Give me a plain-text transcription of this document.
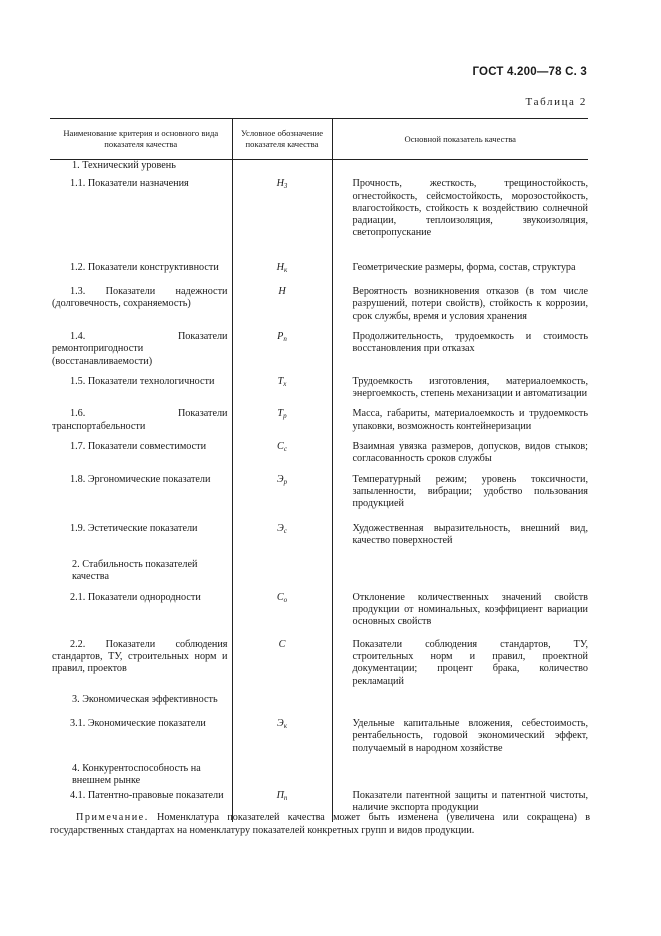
ГОСТ 4.200—78 С. 3
Таблица 2
Наименование критерия и основного вида показателя качества	Условное обозначение показателя качества	Основной показатель качества

1. Технический уровень		

1.1. Показатели назначения	$Н_3$	Прочность, жесткость, трещиностойкость, огнестойкость, сейсмостойкость, морозостойкость, влагостойкость, стойкость к воздействию солнечной радиации, теплоизоляция, звукоизоляция, светопропускание

1.2. Показатели конструктивности	$Н_к$	Геометрические размеры, форма, состав, структура

1.3. Показатели надежности (долговечность, сохраняемость)	Н	Вероятность возникновения отказов (в том числе разрушений, потери свойств), стойкость к коррозии, срок службы, время и условия хранения

1.4. Показатели ремонтопригодности (восстанавливаемости)	$Р_п$	Продолжительность, трудоемкость и стоимость восстановления при отказах

1.5. Показатели технологичности	$Т_х$	Трудоемкость изготовления, материалоемкость, энергоемкость, степень механизации и автоматизации

1.6. Показатели транспортабельности	$Т_р$	Масса, габариты, материалоемкость и трудоемкость упаковки, возможность контейнеризации

1.7. Показатели совместимости	$С_с$	Взаимная увязка размеров, допусков, видов стыков; согласованность сроков службы

1.8. Эргономические показатели	$Э_р$	Температурный режим; уровень токсичности, запыленности, вибрации; удобство пользования продукцией

1.9. Эстетические показатели	$Э_с$	Художественная выразительность, внешний вид, качество поверхностей

2. Стабильность показателей качества		

2.1. Показатели однородности	$С_о$	Отклонение количественных значений свойств продукции от номинальных, коэффициент вариации основных свойств

2.2. Показатели соблюдения стандартов, ТУ, строительных норм и правил, проектов	С	Показатели соблюдения стандартов, ТУ, строительных норм и правил, проектной документации; процент брака, количество рекламаций

3. Экономическая эффективность		

3.1. Экономические показатели	$Э_к$	Удельные капитальные вложения, себестоимость, рентабельность, годовой экономический эффект, получаемый в народном хозяйстве

4. Конкурентоспособность на внешнем рынке		

4.1. Патентно-правовые показатели	$П_п$	Показатели патентной защиты и патентной чистоты, наличие экспорта продукции
Примечание. Номенклатура показателей качества может быть изменена (увеличена или сокращена) в государственных стандартах на номенклатуру показателей конкретных групп и видов продукции.
